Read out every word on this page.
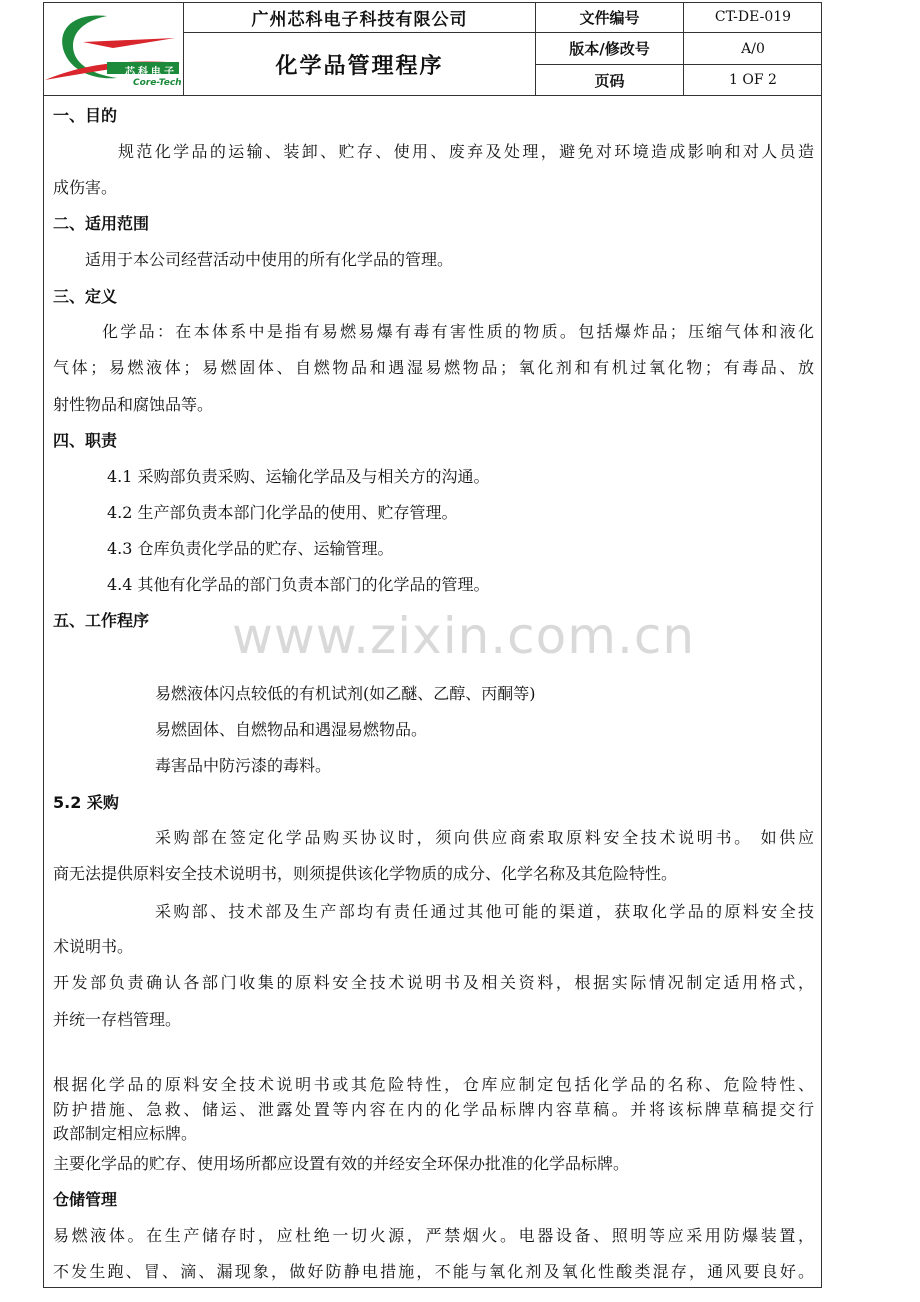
芯科电子
Core-Tech
广州芯科电子科技有限公司
化学品管理程序
文件编号	CT-DE-019
版本/修改号	A/0
页码	1 OF 2
www.zixin.com.cn
一、目的
规范化学品的运输、装卸、贮存、使用、废弃及处理，避免对环境造成影响和对人员造
成伤害。
二、适用范围
适用于本公司经营活动中使用的所有化学品的管理。
三、定义
化学品：在本体系中是指有易燃易爆有毒有害性质的物质。包括爆炸品；压缩气体和液化
气体；易燃液体；易燃固体、自燃物品和遇湿易燃物品；氧化剂和有机过氧化物；有毒品、放
射性物品和腐蚀品等。
四、职责
4.1 采购部负责采购、运输化学品及与相关方的沟通。
4.2 生产部负责本部门化学品的使用、贮存管理。
4.3 仓库负责化学品的贮存、运输管理。
4.4 其他有化学品的部门负责本部门的化学品的管理。
五、工作程序
易燃液体闪点较低的有机试剂(如乙醚、乙醇、丙酮等)
易燃固体、自燃物品和遇湿易燃物品。
毒害品中防污漆的毒料。
5.2 采购
采购部在签定化学品购买协议时，须向供应商索取原料安全技术说明书。 如供应
商无法提供原料安全技术说明书，则须提供该化学物质的成分、化学名称及其危险特性。
采购部、技术部及生产部均有责任通过其他可能的渠道，获取化学品的原料安全技
术说明书。
开发部负责确认各部门收集的原料安全技术说明书及相关资料，根据实际情况制定适用格式，
并统一存档管理。
根据化学品的原料安全技术说明书或其危险特性，仓库应制定包括化学品的名称、危险特性、
防护措施、急救、储运、泄露处置等内容在内的化学品标牌内容草稿。并将该标牌草稿提交行
政部制定相应标牌。
主要化学品的贮存、使用场所都应设置有效的并经安全环保办批准的化学品标牌。
仓储管理
易燃液体。在生产储存时，应杜绝一切火源，严禁烟火。电器设备、照明等应采用防爆装置，
不发生跑、冒、滴、漏现象，做好防静电措施，不能与氧化剂及氧化性酸类混存，通风要良好。
